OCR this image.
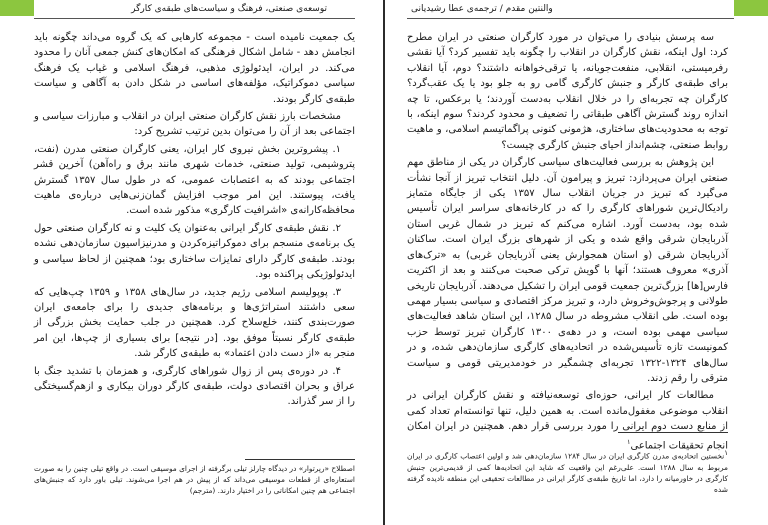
توسعه‌ی صنعتی، فرهنگ و سیاست‌های طبقه‌ی کارگر

یک جمعیت نامیده است - مجموعه کارهایی که یک گروه می‌داند چگونه باید انجامش دهد - شامل اشکال فرهنگی که امکان‌های کنش جمعی آنان را محدود می‌کند. در ایران، ایدئولوژی مذهبی، فرهنگ اسلامی و غیاب یک فرهنگ سیاسی دموکراتیک، مؤلفه‌های اساسی در شکل دادن به آگاهی و سیاست طبقه‌ی کارگر بودند.

مشخصات بارز نقش کارگران صنعتی ایران در انقلاب و مبارزات سیاسی و اجتماعی بعد از آن را می‌توان بدین ترتیب تشریح کرد:

۱. پیشروترین بخش نیروی کار ایران، یعنی کارگران صنعتی مدرن (نفت، پتروشیمی، تولید صنعتی، خدمات شهری مانند برق و راه‌آهن) آخرین قشر اجتماعی بودند که به اعتصابات عمومی، که در طول سال ۱۳۵۷ گسترش یافت، پیوستند. این امر موجب افزایش گمان‌زنی‌هایی درباره‌ی ماهیت محافظه‌کارانه‌ی «اشرافیت کارگری» مذکور شده است.

۲. نقش طبقه‌ی کارگر ایرانی به‌عنوان یک کلیت و نه کارگران صنعتی حول یک برنامه‌ی منسجم برای دموکراتیزه‌کردن و مدرنیزاسیون سازمان‌دهی نشده بودند. طبقه‌ی کارگر دارای تمایزات ساختاری بود؛ همچنین از لحاظ سیاسی و ایدئولوژیکی پراکنده بود.

۳. پوپولیسم اسلامی رژیم جدید، در سال‌های ۱۳۵۸ و ۱۳۵۹ چپ‌هایی که سعی داشتند استراتژی‌ها و برنامه‌های جدیدی را برای جامعه‌ی ایران صورت‌بندی کنند، خلع‌سلاح کرد. همچنین در جلب حمایت بخش بزرگی از طبقه‌ی کارگر نسبتاً موفق بود. [در نتیجه] برای بسیاری از چپ‌ها، این امر منجر به «از دست دادن اعتماد» به طبقه‌ی کارگر شد.

۴. در دوره‌ی پس از زوال شوراهای کارگری، و همزمان با تشدید جنگ با عراق و بحران اقتصادی دولت، طبقه‌ی کارگر دوران بیکاری و ازهم‌گسیختگی را از سر گذراند.

اصطلاح «رپرتوار» در دیدگاه چارلز تیلی برگرفته از اجرای موسیقی است. در واقع تیلی چنین را به صورت استعاره‌ای از قطعات موسیقی می‌داند که از پیش در هم اجرا می‌شوند. تیلی باور دارد که جنبش‌های اجتماعی هم چنین امکاناتی را در اختیار دارند. (مترجم)
والنتین مقدم / ترجمه‌ی عطا رشیدیانی

سه پرسش بنیادی را می‌توان در مورد کارگران صنعتی در ایران مطرح کرد: اول اینکه، نقش کارگران در انقلاب را چگونه باید تفسیر کرد؟ آیا نقشی رفرمیستی، انقلابی، منفعت‌جویانه، یا ترقی‌خواهانه داشتند؟ دوم، آیا انقلاب برای طبقه‌ی کارگر و جنبش کارگری گامی رو به جلو بود یا یک عقب‌گرد؟ کارگران چه تجربه‌ای را در خلال انقلاب به‌دست آوردند؛ یا برعکس، تا چه اندازه روند گسترش آگاهی طبقاتی را تضعیف و محدود کردند؟ سوم اینکه، با توجه به محدودیت‌های ساختاری، هژمونی کنونی پراگماتیسم اسلامی، و ماهیت روابط صنعتی، چشم‌انداز احیای جنبش کارگری چیست؟

این پژوهش به بررسی فعالیت‌های سیاسی کارگران در یکی از مناطق مهم صنعتی ایران می‌پردازد: تبریز و پیرامون آن. دلیل انتخاب تبریز از آنجا نشأت می‌گیرد که تبریز در جریان انقلاب سال ۱۳۵۷ یکی از جایگاه متمایز رادیکال‌ترین شوراهای کارگری را که در کارخانه‌های سراسر ایران تأسیس شده بود، به‌دست آورد. اشاره می‌کنم که تبریز در شمال غربی استان آذربایجان شرقی واقع شده و یکی از شهرهای بزرگ ایران است. ساکنان آذربایجان شرقی (و استان همجوارش یعنی آذربایجان غربی) به «ترک‌های آذری» معروف هستند؛ آنها با گویش ترکی صحبت می‌کنند و بعد از اکثریت فارس[ها] بزرگ‌ترین جمعیت قومی ایران را تشکیل می‌دهند. آذربایجان تاریخی طولانی و پرجوش‌وخروش دارد، و تبریز مرکز اقتصادی و سیاسی بسیار مهمی بوده است. طی انقلاب مشروطه در سال ۱۲۸۵، این استان شاهد فعالیت‌های سیاسی مهمی بوده است، و در دهه‌ی ۱۳۰۰ کارگران تبریز توسط حزب کمونیست تازه تأسیس‌شده در اتحادیه‌های کارگری سازمان‌دهی شده، و در سال‌های ۱۳۲۴-۱۳۲۲ تجربه‌ای چشمگیر در خودمدیریتی قومی و سیاست مترقی را رقم زدند.

مطالعات کار ایرانی، حوزه‌ای توسعه‌نیافته و نقش کارگران ایرانی در انقلاب موضوعی مغفول‌مانده است. به همین دلیل، تنها توانسته‌ام تعداد کمی از منابع دست دوم ایرانی را مورد بررسی قرار دهم. همچنین در ایران امکان انجام تحقیقات اجتماعی$^۱$

۱نخستین اتحادیه‌ی مدرن کارگری ایران در سال ۱۲۸۴ سازمان‌دهی شد و اولین اعتصاب کارگری در ایران مربوط به سال ۱۲۸۸ است. علی‌رغم این واقعیت که شاید این اتحادیه‌ها کمی از قدیمی‌ترین جنبش کارگری در خاورمیانه را دارد، اما تاریخ طبقه‌ی کارگر ایرانی در مطالعات تحقیقی این منطقه نادیده گرفته شده
